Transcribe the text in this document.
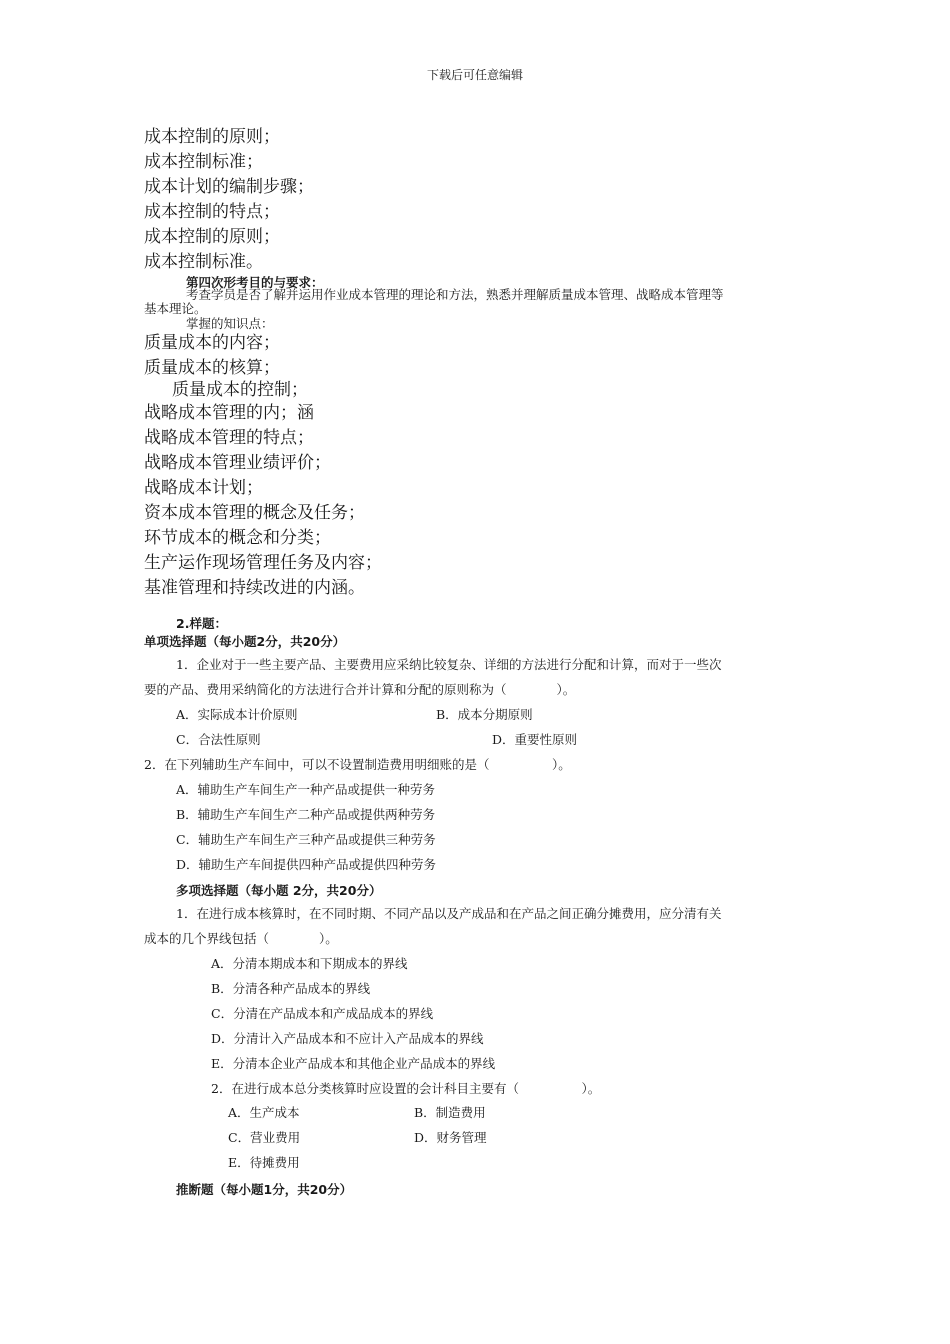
下载后可任意编辑
成本控制的原则；
成本控制标准；
成本计划的编制步骤；
成本控制的特点；
成本控制的原则；
成本控制标准。
第四次形考目的与要求：
考查学员是否了解并运用作业成本管理的理论和方法，熟悉并理解质量成本管理、战略成本管理等
基本理论。
掌握的知识点：
质量成本的内容；
质量成本的核算；
质量成本的控制；
战略成本管理的内；涵
战略成本管理的特点；
战略成本管理业绩评价；
战略成本计划；
资本成本管理的概念及任务；
环节成本的概念和分类；
生产运作现场管理任务及内容；
基准管理和持续改进的内涵。
2.样题：
单项选择题（每小题2分，共20分）
1．企业对于一些主要产品、主要费用应采纳比较复杂、详细的方法进行分配和计算，而对于一些次
要的产品、费用采纳简化的方法进行合并计算和分配的原则称为（　　　　）。
A．实际成本计价原则	B．成本分期原则
C．合法性原则	D．重要性原则
2．在下列辅助生产车间中，可以不设置制造费用明细账的是（　　　　　）。
A．辅助生产车间生产一种产品或提供一种劳务
B．辅助生产车间生产二种产品或提供两种劳务
C．辅助生产车间生产三种产品或提供三种劳务
D．辅助生产车间提供四种产品或提供四种劳务
多项选择题（每小题 2分，共20分）
1．在进行成本核算时，在不同时期、不同产品以及产成品和在产品之间正确分摊费用，应分清有关
成本的几个界线包括（　　　　）。
A．分清本期成本和下期成本的界线
B．分清各种产品成本的界线
C．分清在产品成本和产成品成本的界线
D．分清计入产品成本和不应计入产品成本的界线
E．分清本企业产品成本和其他企业产品成本的界线
2．在进行成本总分类核算时应设置的会计科目主要有（　　　　　）。
A．生产成本	B．制造费用
C．营业费用	D．财务管理
E．待摊费用
推断题（每小题1分，共20分）
